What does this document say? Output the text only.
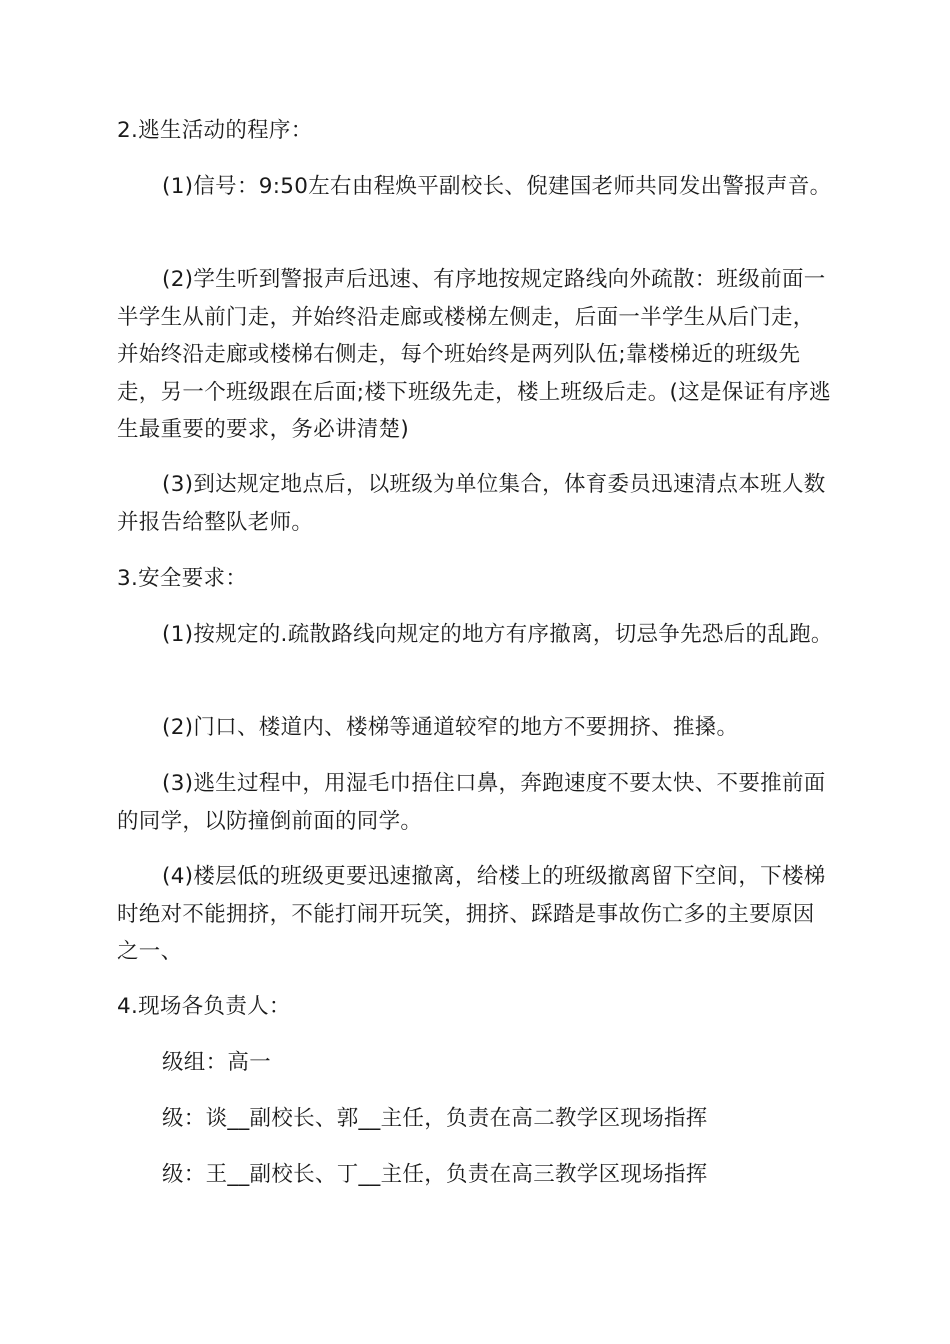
2.逃生活动的程序：

(1)信号：9:50左右由程焕平副校长、倪建国老师共同发出警报声音。

(2)学生听到警报声后迅速、有序地按规定路线向外疏散：班级前面一半学生从前门走，并始终沿走廊或楼梯左侧走，后面一半学生从后门走，并始终沿走廊或楼梯右侧走，每个班始终是两列队伍;靠楼梯近的班级先走，另一个班级跟在后面;楼下班级先走，楼上班级后走。(这是保证有序逃生最重要的要求，务必讲清楚)

(3)到达规定地点后，以班级为单位集合，体育委员迅速清点本班人数并报告给整队老师。

3.安全要求：

(1)按规定的.疏散路线向规定的地方有序撤离，切忌争先恐后的乱跑。

(2)门口、楼道内、楼梯等通道较窄的地方不要拥挤、推搡。

(3)逃生过程中，用湿毛巾捂住口鼻，奔跑速度不要太快、不要推前面的同学，以防撞倒前面的同学。

(4)楼层低的班级更要迅速撤离，给楼上的班级撤离留下空间，下楼梯时绝对不能拥挤，不能打闹开玩笑，拥挤、踩踏是事故伤亡多的主要原因之一、

4.现场各负责人：

级组：高一

级：谈__副校长、郭__主任，负责在高二教学区现场指挥

级：王__副校长、丁__主任，负责在高三教学区现场指挥
